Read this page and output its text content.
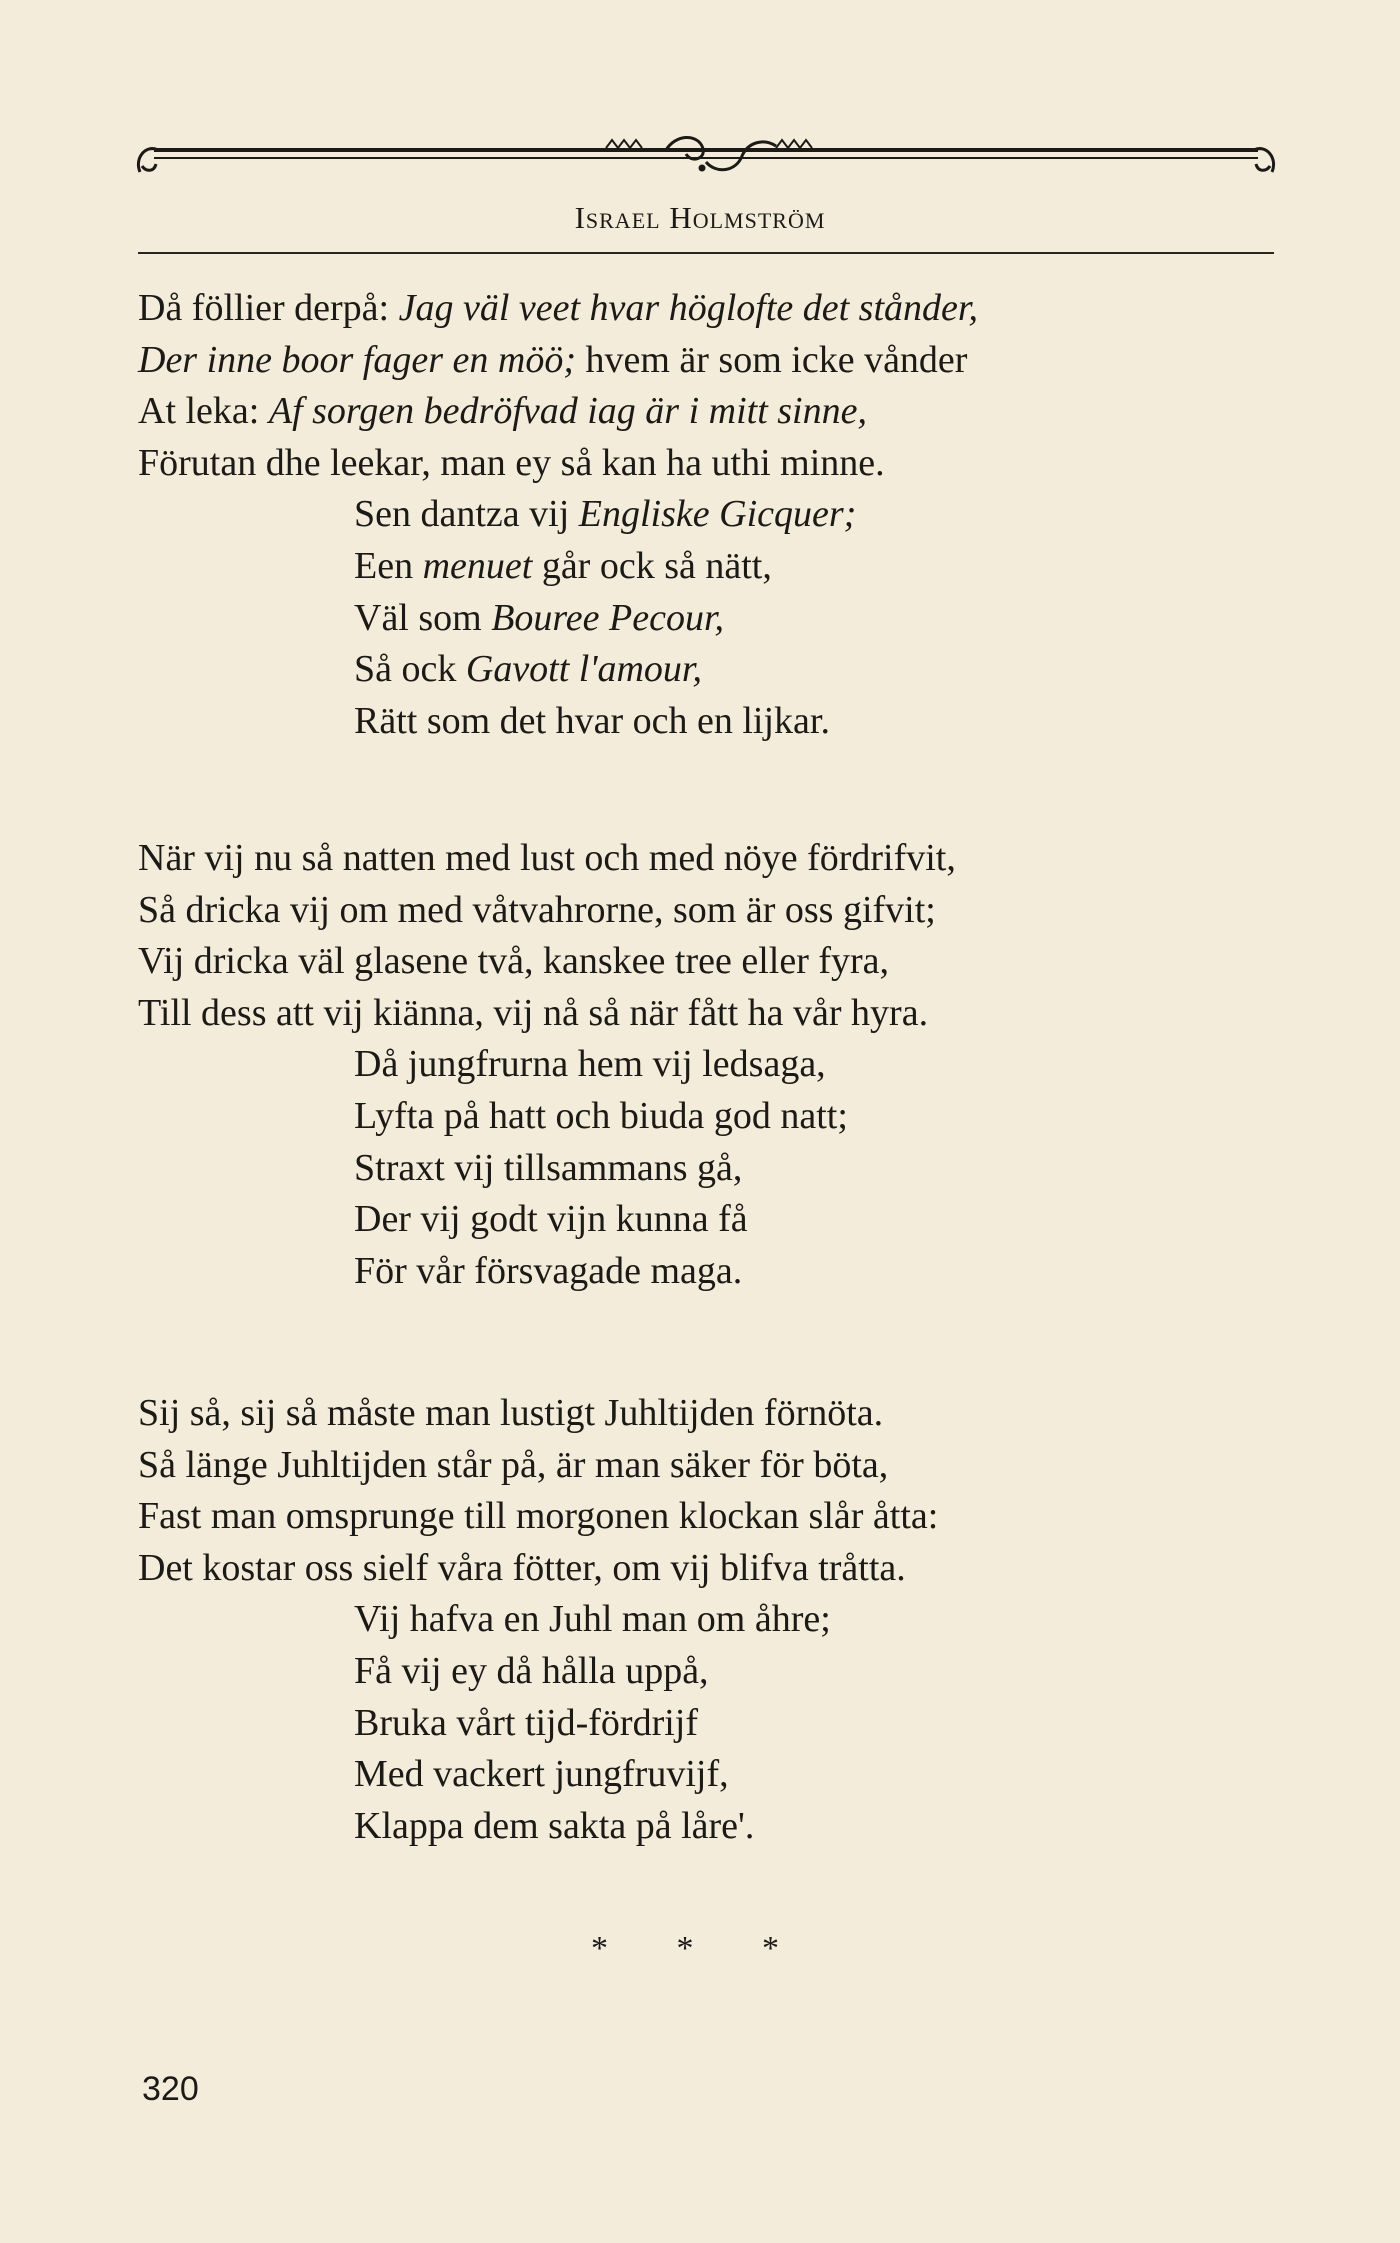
Israel Holmström
Då föllier derpå: Jag väl veet hvar höglofte det stånder,
Der inne boor fager en möö; hvem är som icke vånder
At leka: Af sorgen bedröfvad iag är i mitt sinne,
Förutan dhe leekar, man ey så kan ha uthi minne.
Sen dantza vij Engliske Gicquer;
Een menuet går ock så nätt,
Väl som Bouree Pecour,
Så ock Gavott l'amour,
Rätt som det hvar och en lijkar.
När vij nu så natten med lust och med nöye fördrifvit,
Så dricka vij om med våtvahrorne, som är oss gifvit;
Vij dricka väl glasene två, kanskee tree eller fyra,
Till dess att vij kiänna, vij nå så när fått ha vår hyra.
Då jungfrurna hem vij ledsaga,
Lyfta på hatt och biuda god natt;
Straxt vij tillsammans gå,
Der vij godt vijn kunna få
För vår försvagade maga.
Sij så, sij så måste man lustigt Juhltijden förnöta.
Så länge Juhltijden står på, är man säker för böta,
Fast man omsprunge till morgonen klockan slår åtta:
Det kostar oss sielf våra fötter, om vij blifva tråtta.
Vij hafva en Juhl man om åhre;
Få vij ey då hålla uppå,
Bruka vårt tijd-fördrijf
Med vackert jungfruvijf,
Klappa dem sakta på låre'.
* * *
320
